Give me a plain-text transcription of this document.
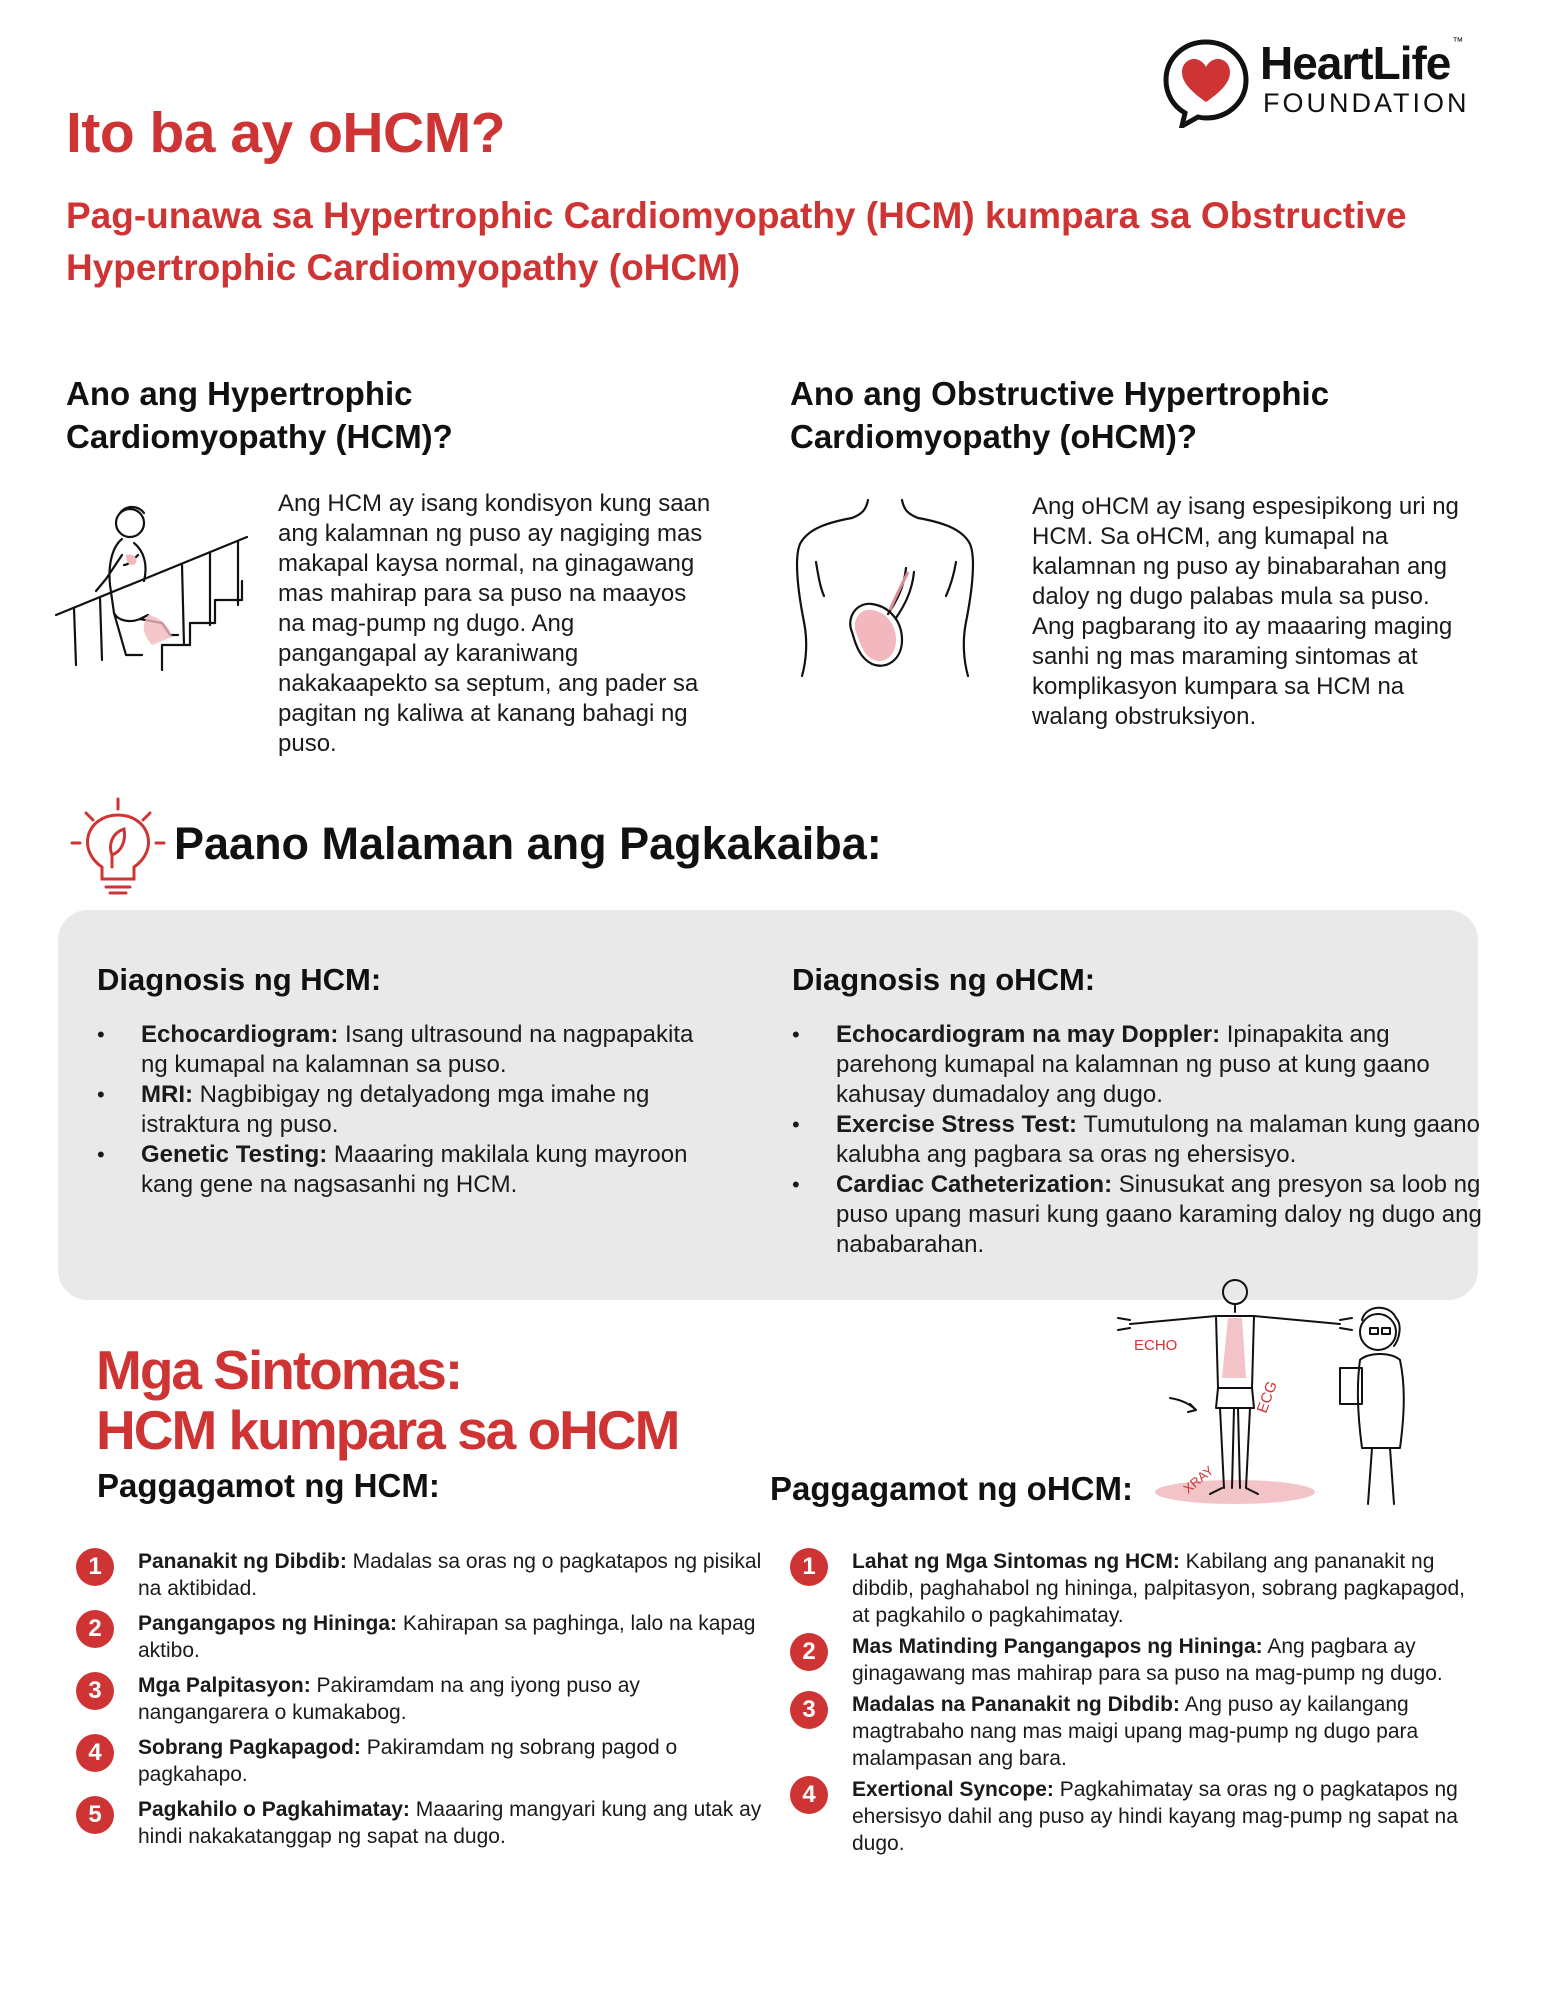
HeartLife ™
FOUNDATION
Ito ba ay oHCM?
Pag-unawa sa Hypertrophic Cardiomyopathy (HCM) kumpara sa Obstructive Hypertrophic Cardiomyopathy (oHCM)
Ano ang Hypertrophic Cardiomyopathy (HCM)?

Ang HCM ay isang kondisyon kung saan ang kalamnan ng puso ay nagiging mas makapal kaysa normal, na ginagawang mas mahirap para sa puso na maayos na mag-pump ng dugo. Ang pangangapal ay karaniwang nakakaapekto sa septum, ang pader sa pagitan ng kaliwa at kanang bahagi ng puso.

Ano ang Obstructive Hypertrophic Cardiomyopathy (oHCM)?

Ang oHCM ay isang espesipikong uri ng HCM. Sa oHCM, ang kumapal na kalamnan ng puso ay binabarahan ang daloy ng dugo palabas mula sa puso. Ang pagbarang ito ay maaaring maging sanhi ng mas maraming sintomas at komplikasyon kumpara sa HCM na walang obstruksiyon.

Paano Malaman ang Pagkakaiba:
Diagnosis ng HCM:
• Echocardiogram: Isang ultrasound na nagpapakita ng kumapal na kalamnan sa puso.
• MRI: Nagbibigay ng detalyadong mga imahe ng istraktura ng puso.
• Genetic Testing: Maaaring makilala kung mayroon kang gene na nagsasanhi ng HCM.
Diagnosis ng oHCM:
• Echocardiogram na may Doppler: Ipinapakita ang parehong kumapal na kalamnan ng puso at kung gaano kahusay dumadaloy ang dugo.
• Exercise Stress Test: Tumutulong na malaman kung gaano kalubha ang pagbara sa oras ng ehersisyo.
• Cardiac Catheterization: Sinusukat ang presyon sa loob ng puso upang masuri kung gaano karaming daloy ng dugo ang nababarahan.
Mga Sintomas:
HCM kumpara sa oHCM
ECHO
ECG
XRAY
Paggagamot ng HCM:	Paggagamot ng oHCM:
1	Pananakit ng Dibdib: Madalas sa oras ng o pagkatapos ng pisikal na aktibidad.
2	Pangangapos ng Hininga: Kahirapan sa paghinga, lalo na kapag aktibo.
3	Mga Palpitasyon: Pakiramdam na ang iyong puso ay nangangarera o kumakabog.
4	Sobrang Pagkapagod: Pakiramdam ng sobrang pagod o pagkahapo.
5	Pagkahilo o Pagkahimatay: Maaaring mangyari kung ang utak ay hindi nakakatanggap ng sapat na dugo.
1	Lahat ng Mga Sintomas ng HCM: Kabilang ang pananakit ng dibdib, paghahabol ng hininga, palpitasyon, sobrang pagkapagod, at pagkahilo o pagkahimatay.
2	Mas Matinding Pangangapos ng Hininga: Ang pagbara ay ginagawang mas mahirap para sa puso na mag-pump ng dugo.
3	Madalas na Pananakit ng Dibdib: Ang puso ay kailangang magtrabaho nang mas maigi upang mag-pump ng dugo para malampasan ang bara.
4	Exertional Syncope: Pagkahimatay sa oras ng o pagkatapos ng ehersisyo dahil ang puso ay hindi kayang mag-pump ng sapat na dugo.
